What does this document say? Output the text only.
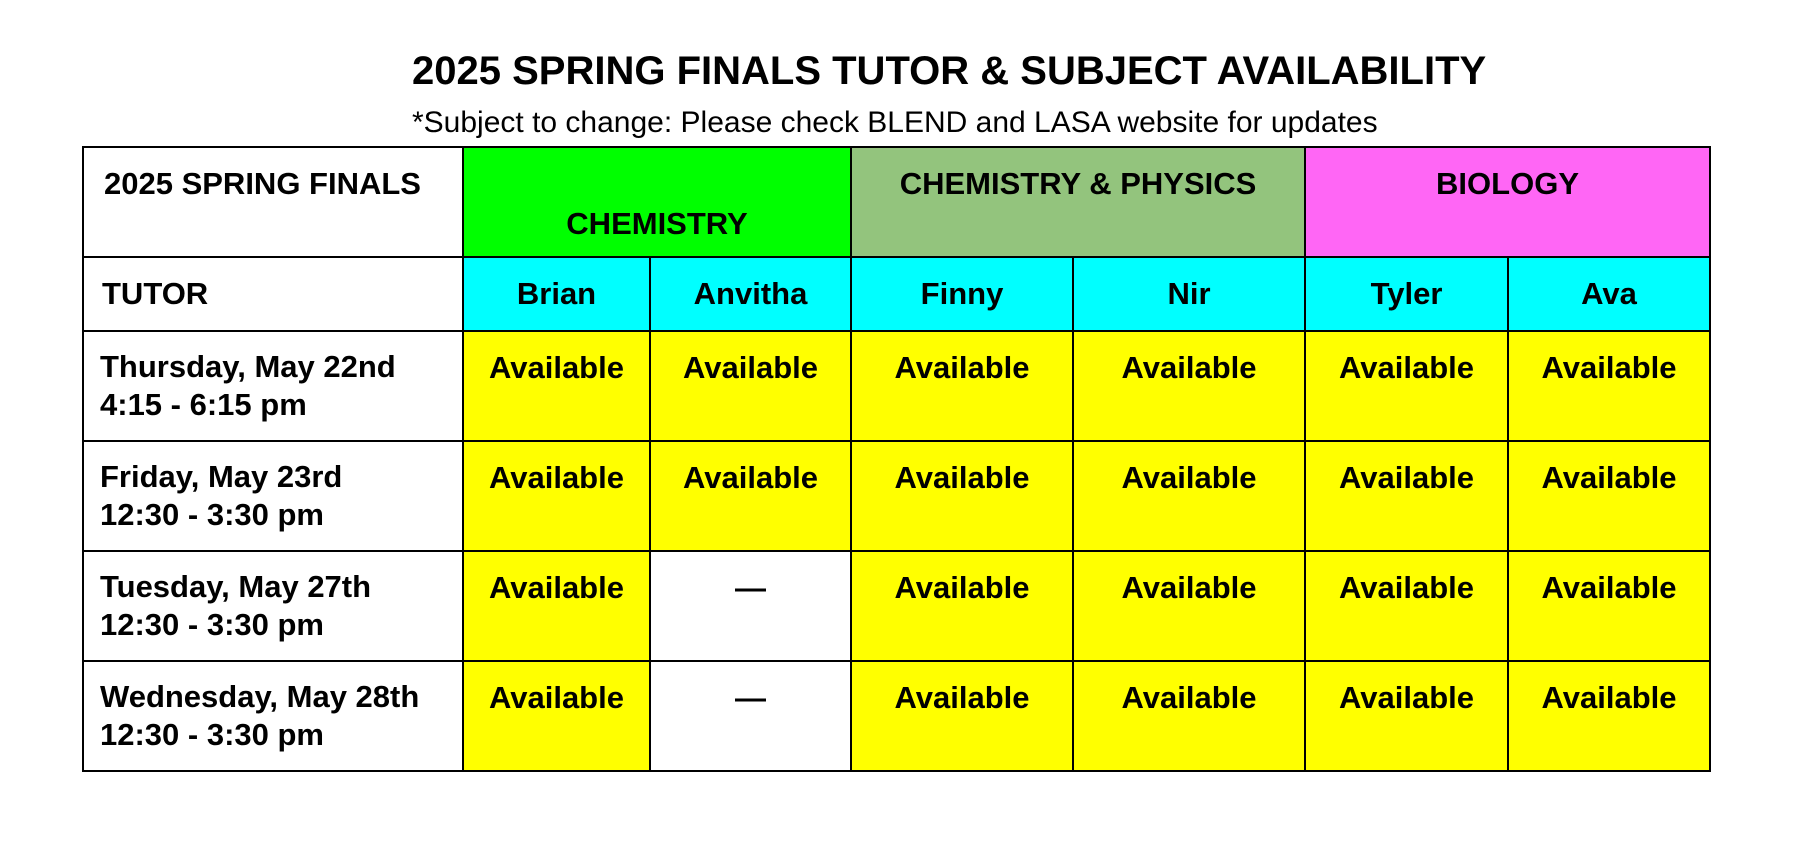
2025 SPRING FINALS TUTOR & SUBJECT AVAILABILITY
*Subject to change: Please check BLEND and LASA website for updates
2025 SPRING FINALS	CHEMISTRY		CHEMISTRY & PHYSICS		BIOLOGY	
TUTOR	Brian	Anvitha	Finny	Nir	Tyler	Ava

Thursday, May 22nd
4:15 - 6:15 pm	Available	Available	Available	Available	Available	Available

Friday, May 23rd
12:30 - 3:30 pm	Available	Available	Available	Available	Available	Available

Tuesday, May 27th
12:30 - 3:30 pm	Available	—	Available	Available	Available	Available

Wednesday, May 28th
12:30 - 3:30 pm	Available	—	Available	Available	Available	Available
